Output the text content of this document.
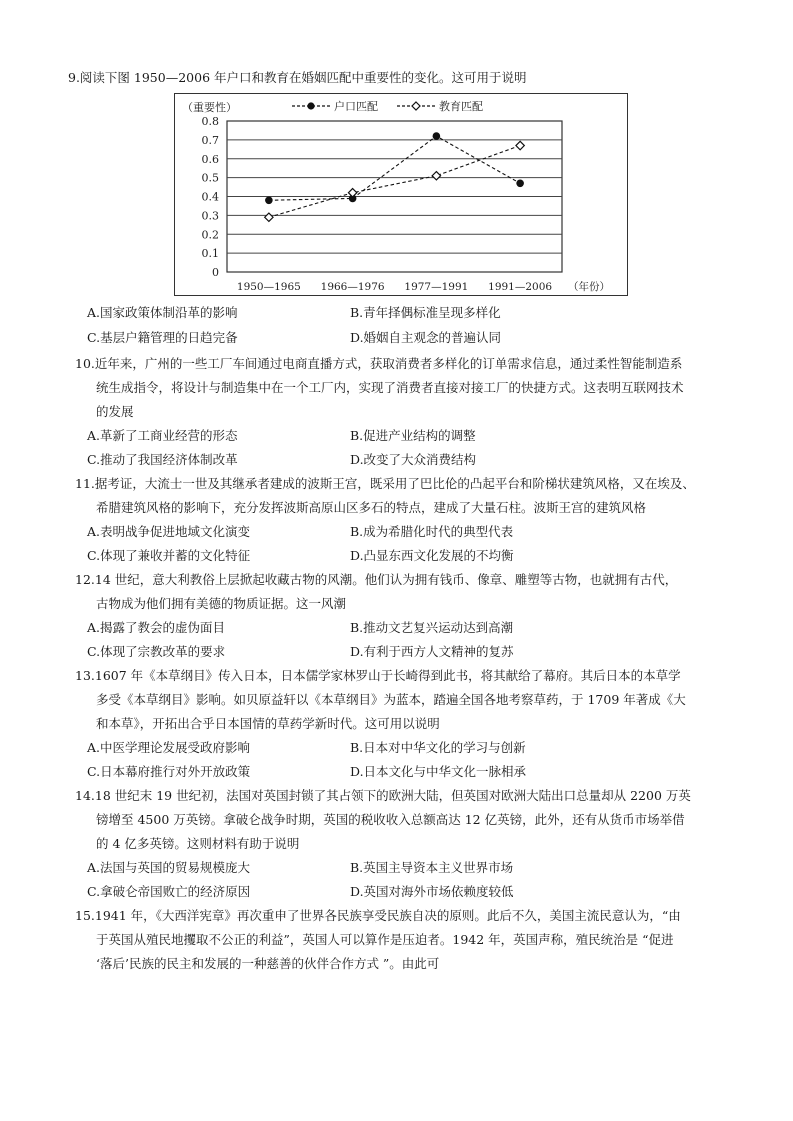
9.阅读下图 1950—2006 年户口和教育在婚姻匹配中重要性的变化。这可用于说明
0
0.1
0.2
0.3
0.4
0.5
0.6
0.7
0.8
1950—1965 1966—1976 1977—1991 1991—2006
（重要性）
（年份）
户口匹配	教育匹配
A.国家政策体制沿革的影响	B.青年择偶标准呈现多样化
C.基层户籍管理的日趋完备	D.婚姻自主观念的普遍认同
10.近年来，广州的一些工厂车间通过电商直播方式，获取消费者多样化的订单需求信息，通过柔性智能制造系
统生成指令，将设计与制造集中在一个工厂内，实现了消费者直接对接工厂的快捷方式。这表明互联网技术
的发展
A.革新了工商业经营的形态	B.促进产业结构的调整
C.推动了我国经济体制改革	D.改变了大众消费结构
11.据考证，大流士一世及其继承者建成的波斯王宫，既采用了巴比伦的凸起平台和阶梯状建筑风格，又在埃及、
希腊建筑风格的影响下，充分发挥波斯高原山区多石的特点，建成了大量石柱。波斯王宫的建筑风格
A.表明战争促进地域文化演变	B.成为希腊化时代的典型代表
C.体现了兼收并蓄的文化特征	D.凸显东西文化发展的不均衡
12.14 世纪，意大利教俗上层掀起收藏古物的风潮。他们认为拥有钱币、像章、雕塑等古物，也就拥有古代，
古物成为他们拥有美德的物质证据。这一风潮
A.揭露了教会的虚伪面目	B.推动文艺复兴运动达到高潮
C.体现了宗教改革的要求	D.有利于西方人文精神的复苏
13.1607 年《本草纲目》传入日本，日本儒学家林罗山于长崎得到此书，将其献给了幕府。其后日本的本草学
多受《本草纲目》影响。如贝原益轩以《本草纲目》为蓝本，踏遍全国各地考察草药，于 1709 年著成《大
和本草》，开拓出合乎日本国情的草药学新时代。这可用以说明
A.中医学理论发展受政府影响	B.日本对中华文化的学习与创新
C.日本幕府推行对外开放政策	D.日本文化与中华文化一脉相承
14.18 世纪末 19 世纪初，法国对英国封锁了其占领下的欧洲大陆，但英国对欧洲大陆出口总量却从 2200 万英
镑增至 4500 万英镑。拿破仑战争时期，英国的税收收入总额高达 12 亿英镑，此外，还有从货币市场举借
的 4 亿多英镑。这则材料有助于说明
A.法国与英国的贸易规模庞大	B.英国主导资本主义世界市场
C.拿破仑帝国败亡的经济原因	D.英国对海外市场依赖度较低
15.1941 年，《大西洋宪章》再次重申了世界各民族享受民族自决的原则。此后不久，美国主流民意认为，“由
于英国从殖民地攫取不公正的利益”，英国人可以算作是压迫者。1942 年，英国声称，殖民统治是 “促进
‘落后’民族的民主和发展的一种慈善的伙伴合作方式 ”。由此可
